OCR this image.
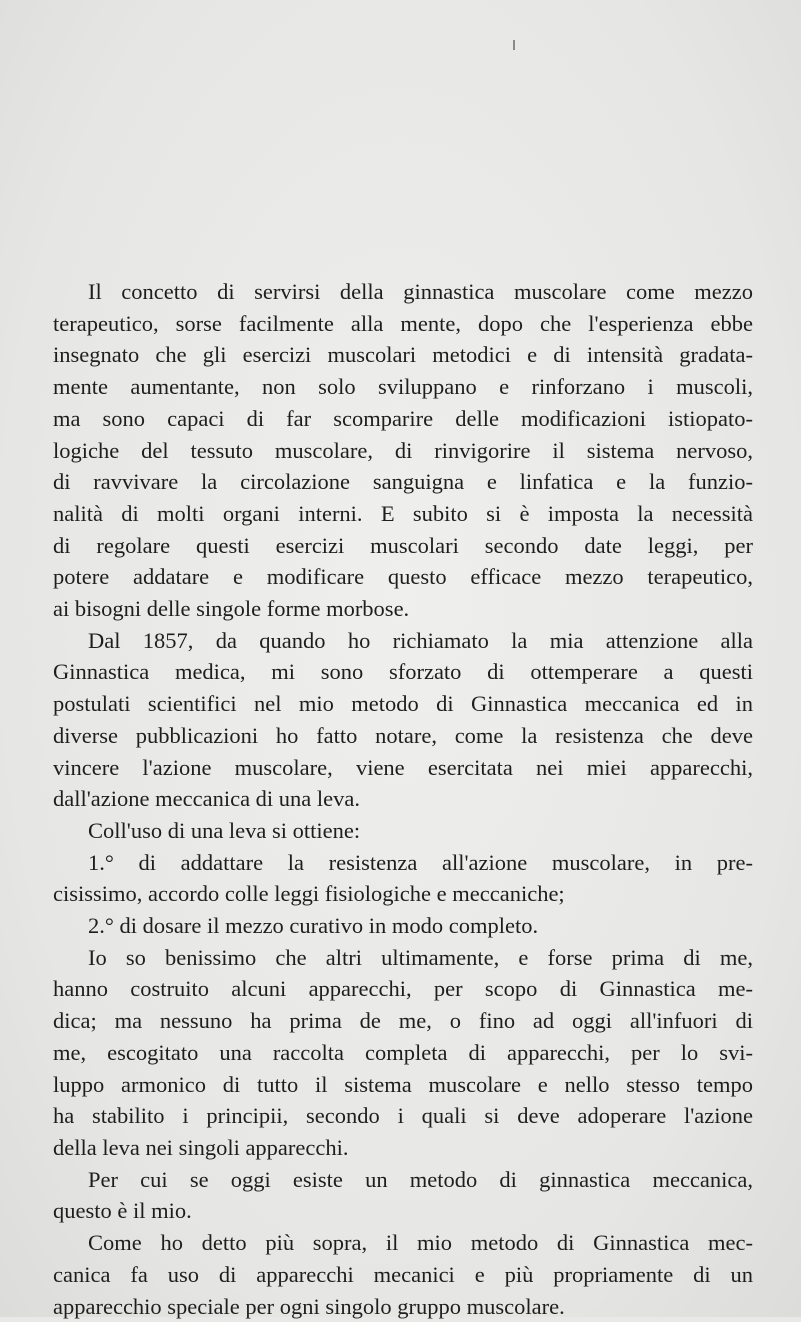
Il concetto di servirsi della ginnastica muscolare come mezzo
terapeutico, sorse facilmente alla mente, dopo che l'esperienza ebbe
insegnato che gli esercizi muscolari metodici e di intensità gradata-
mente aumentante, non solo sviluppano e rinforzano i muscoli,
ma sono capaci di far scomparire delle modificazioni istiopato-
logiche del tessuto muscolare, di rinvigorire il sistema nervoso,
di ravvivare la circolazione sanguigna e linfatica e la funzio-
nalità di molti organi interni. E subito si è imposta la necessità
di regolare questi esercizi muscolari secondo date leggi, per
potere addatare e modificare questo efficace mezzo terapeutico,
ai bisogni delle singole forme morbose.
Dal 1857, da quando ho richiamato la mia attenzione alla
Ginnastica medica, mi sono sforzato di ottemperare a questi
postulati scientifici nel mio metodo di Ginnastica meccanica ed in
diverse pubblicazioni ho fatto notare, come la resistenza che deve
vincere l'azione muscolare, viene esercitata nei miei apparecchi,
dall'azione meccanica di una leva.
Coll'uso di una leva si ottiene:
1.° di addattare la resistenza all'azione muscolare, in pre-
cisissimo, accordo colle leggi fisiologiche e meccaniche;
2.° di dosare il mezzo curativo in modo completo.
Io so benissimo che altri ultimamente, e forse prima di me,
hanno costruito alcuni apparecchi, per scopo di Ginnastica me-
dica; ma nessuno ha prima de me, o fino ad oggi all'infuori di
me, escogitato una raccolta completa di apparecchi, per lo svi-
luppo armonico di tutto il sistema muscolare e nello stesso tempo
ha stabilito i principii, secondo i quali si deve adoperare l'azione
della leva nei singoli apparecchi.
Per cui se oggi esiste un metodo di ginnastica meccanica,
questo è il mio.
Come ho detto più sopra, il mio metodo di Ginnastica mec-
canica fa uso di apparecchi mecanici e più propriamente di un
apparecchio speciale per ogni singolo gruppo muscolare.
